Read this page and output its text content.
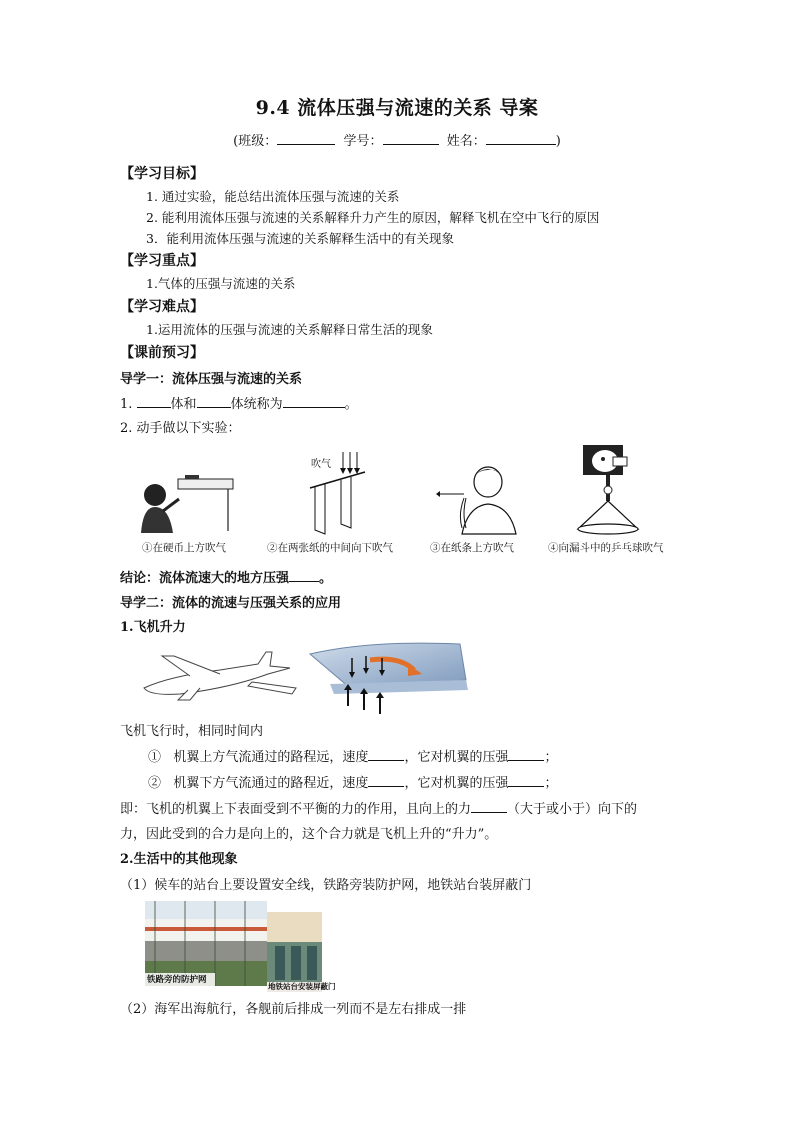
9.4 流体压强与流速的关系 导案
(班级：	学号：	姓名：	)
【学习目标】
1. 通过实验，能总结出流体压强与流速的关系
2. 能利用流体压强与流速的关系解释升力产生的原因，解释飞机在空中飞行的原因
3．能利用流体压强与流速的关系解释生活中的有关现象
【学习重点】
1.气体的压强与流速的关系
【学习难点】
1.运用流体的压强与流速的关系解释日常生活的现象
【课前预习】
导学一：流体压强与流速的关系
1.	体和	体统称为	。
2. 动手做以下实验：
吹气
①在硬币上方吹气	②在两张纸的中间向下吹气	③在纸条上方吹气	④向漏斗中的乒乓球吹气
结论：流体流速大的地方压强 。
导学二：流体的流速与压强关系的应用
1.飞机升力
飞机飞行时，相同时间内
① 机翼上方气流通过的路程远，速度	，它对机翼的压强	；
② 机翼下方气流通过的路程近，速度	，它对机翼的压强	；
即：飞机的机翼上下表面受到不平衡的力的作用，且向上的力	（大于或小于）向下的
力，因此受到的合力是向上的，这个合力就是飞机上升的“升力”。
2.生活中的其他现象
（1）候车的站台上要设置安全线，铁路旁装防护网，地铁站台装屏蔽门
铁路旁的防护网
地铁站台安装屏蔽门
（2）海军出海航行，各舰前后排成一列而不是左右排成一排
